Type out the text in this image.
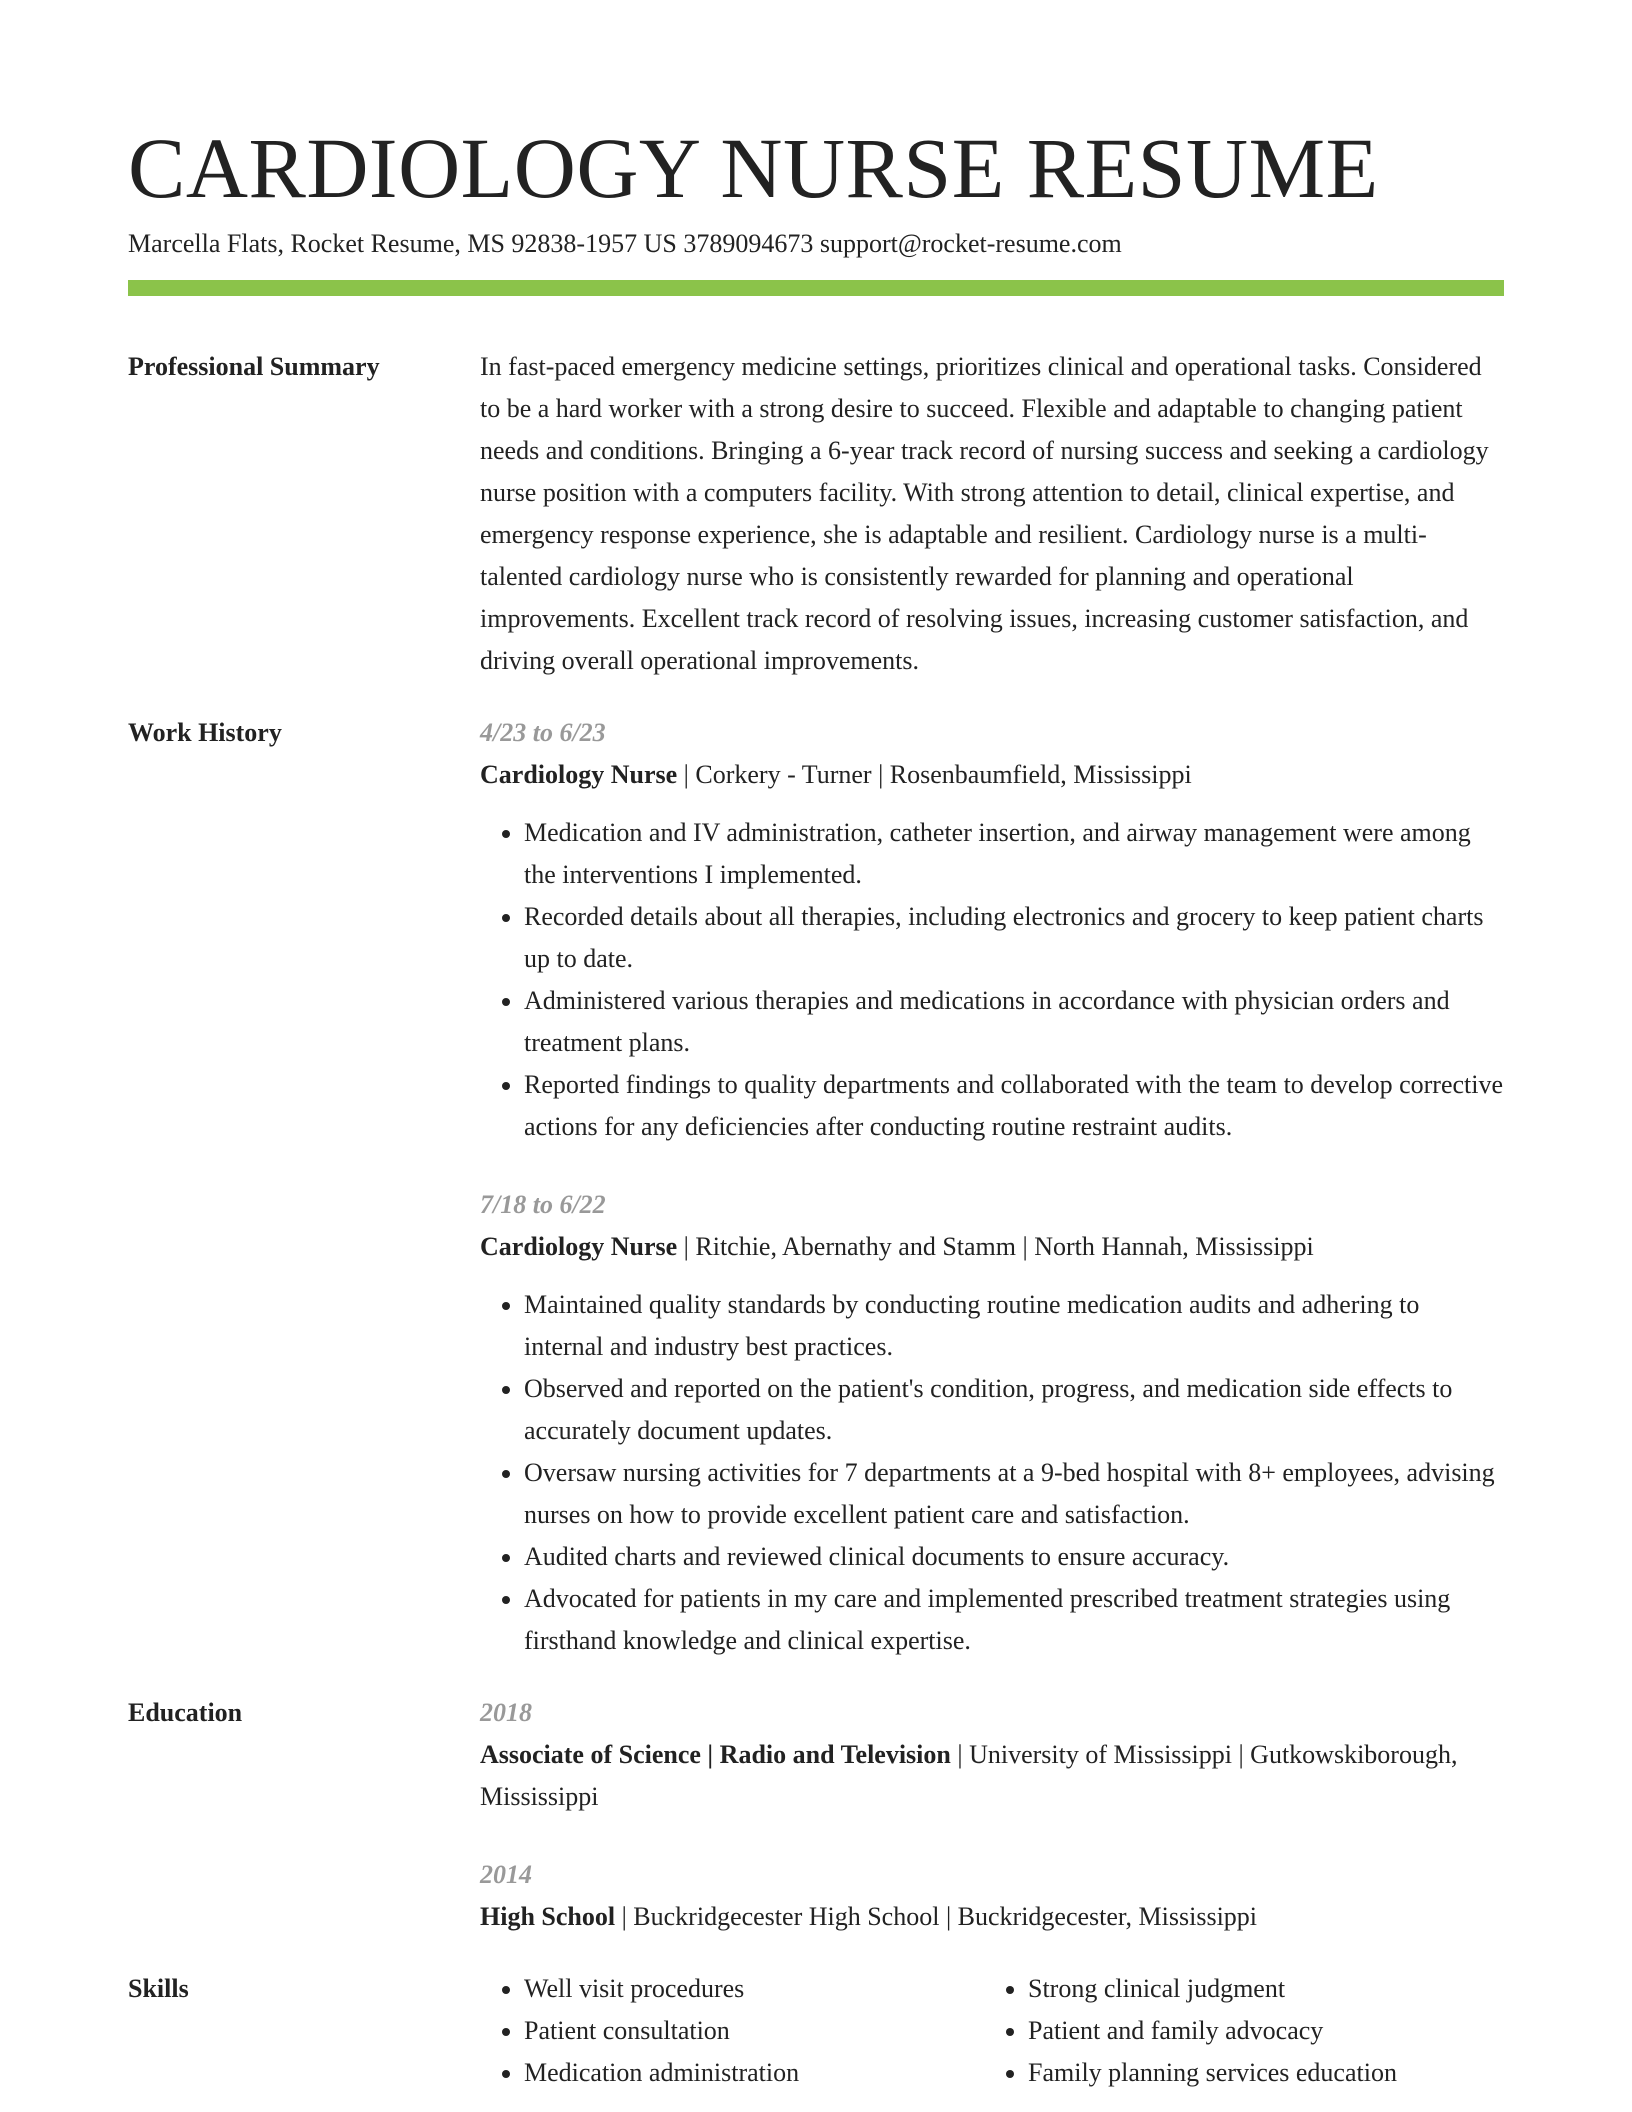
CARDIOLOGY NURSE RESUME
Marcella Flats, Rocket Resume, MS 92838-1957 US 3789094673 support@rocket-resume.com
Professional Summary	In fast-paced emergency medicine settings, prioritizes clinical and operational tasks. Considered to be a hard worker with a strong desire to succeed. Flexible and adaptable to changing patient needs and conditions. Bringing a 6-year track record of nursing success and seeking a cardiology nurse position with a computers facility. With strong attention to detail, clinical expertise, and emergency response experience, she is adaptable and resilient. Cardiology nurse is a multi-talented cardiology nurse who is consistently rewarded for planning and operational improvements. Excellent track record of resolving issues, increasing customer satisfaction, and driving overall operational improvements.
Work History	4/23 to 6/23
Cardiology Nurse | Corkery - Turner | Rosenbaumfield, Mississippi
• Medication and IV administration, catheter insertion, and airway management were among the interventions I implemented.
• Recorded details about all therapies, including electronics and grocery to keep patient charts up to date.
• Administered various therapies and medications in accordance with physician orders and treatment plans.
• Reported findings to quality departments and collaborated with the team to develop corrective actions for any deficiencies after conducting routine restraint audits.
7/18 to 6/22
Cardiology Nurse | Ritchie, Abernathy and Stamm | North Hannah, Mississippi
• Maintained quality standards by conducting routine medication audits and adhering to internal and industry best practices.
• Observed and reported on the patient's condition, progress, and medication side effects to accurately document updates.
• Oversaw nursing activities for 7 departments at a 9-bed hospital with 8+ employees, advising nurses on how to provide excellent patient care and satisfaction.
• Audited charts and reviewed clinical documents to ensure accuracy.
• Advocated for patients in my care and implemented prescribed treatment strategies using firsthand knowledge and clinical expertise.
Education	2018
Associate of Science | Radio and Television | University of Mississippi | Gutkowskiborough, Mississippi
2014
High School | Buckridgecester High School | Buckridgecester, Mississippi
Skills
•	Well visit procedures
• Patient consultation
• Medication administration
• Strong clinical judgment
• Patient and family advocacy
• Family planning services education
